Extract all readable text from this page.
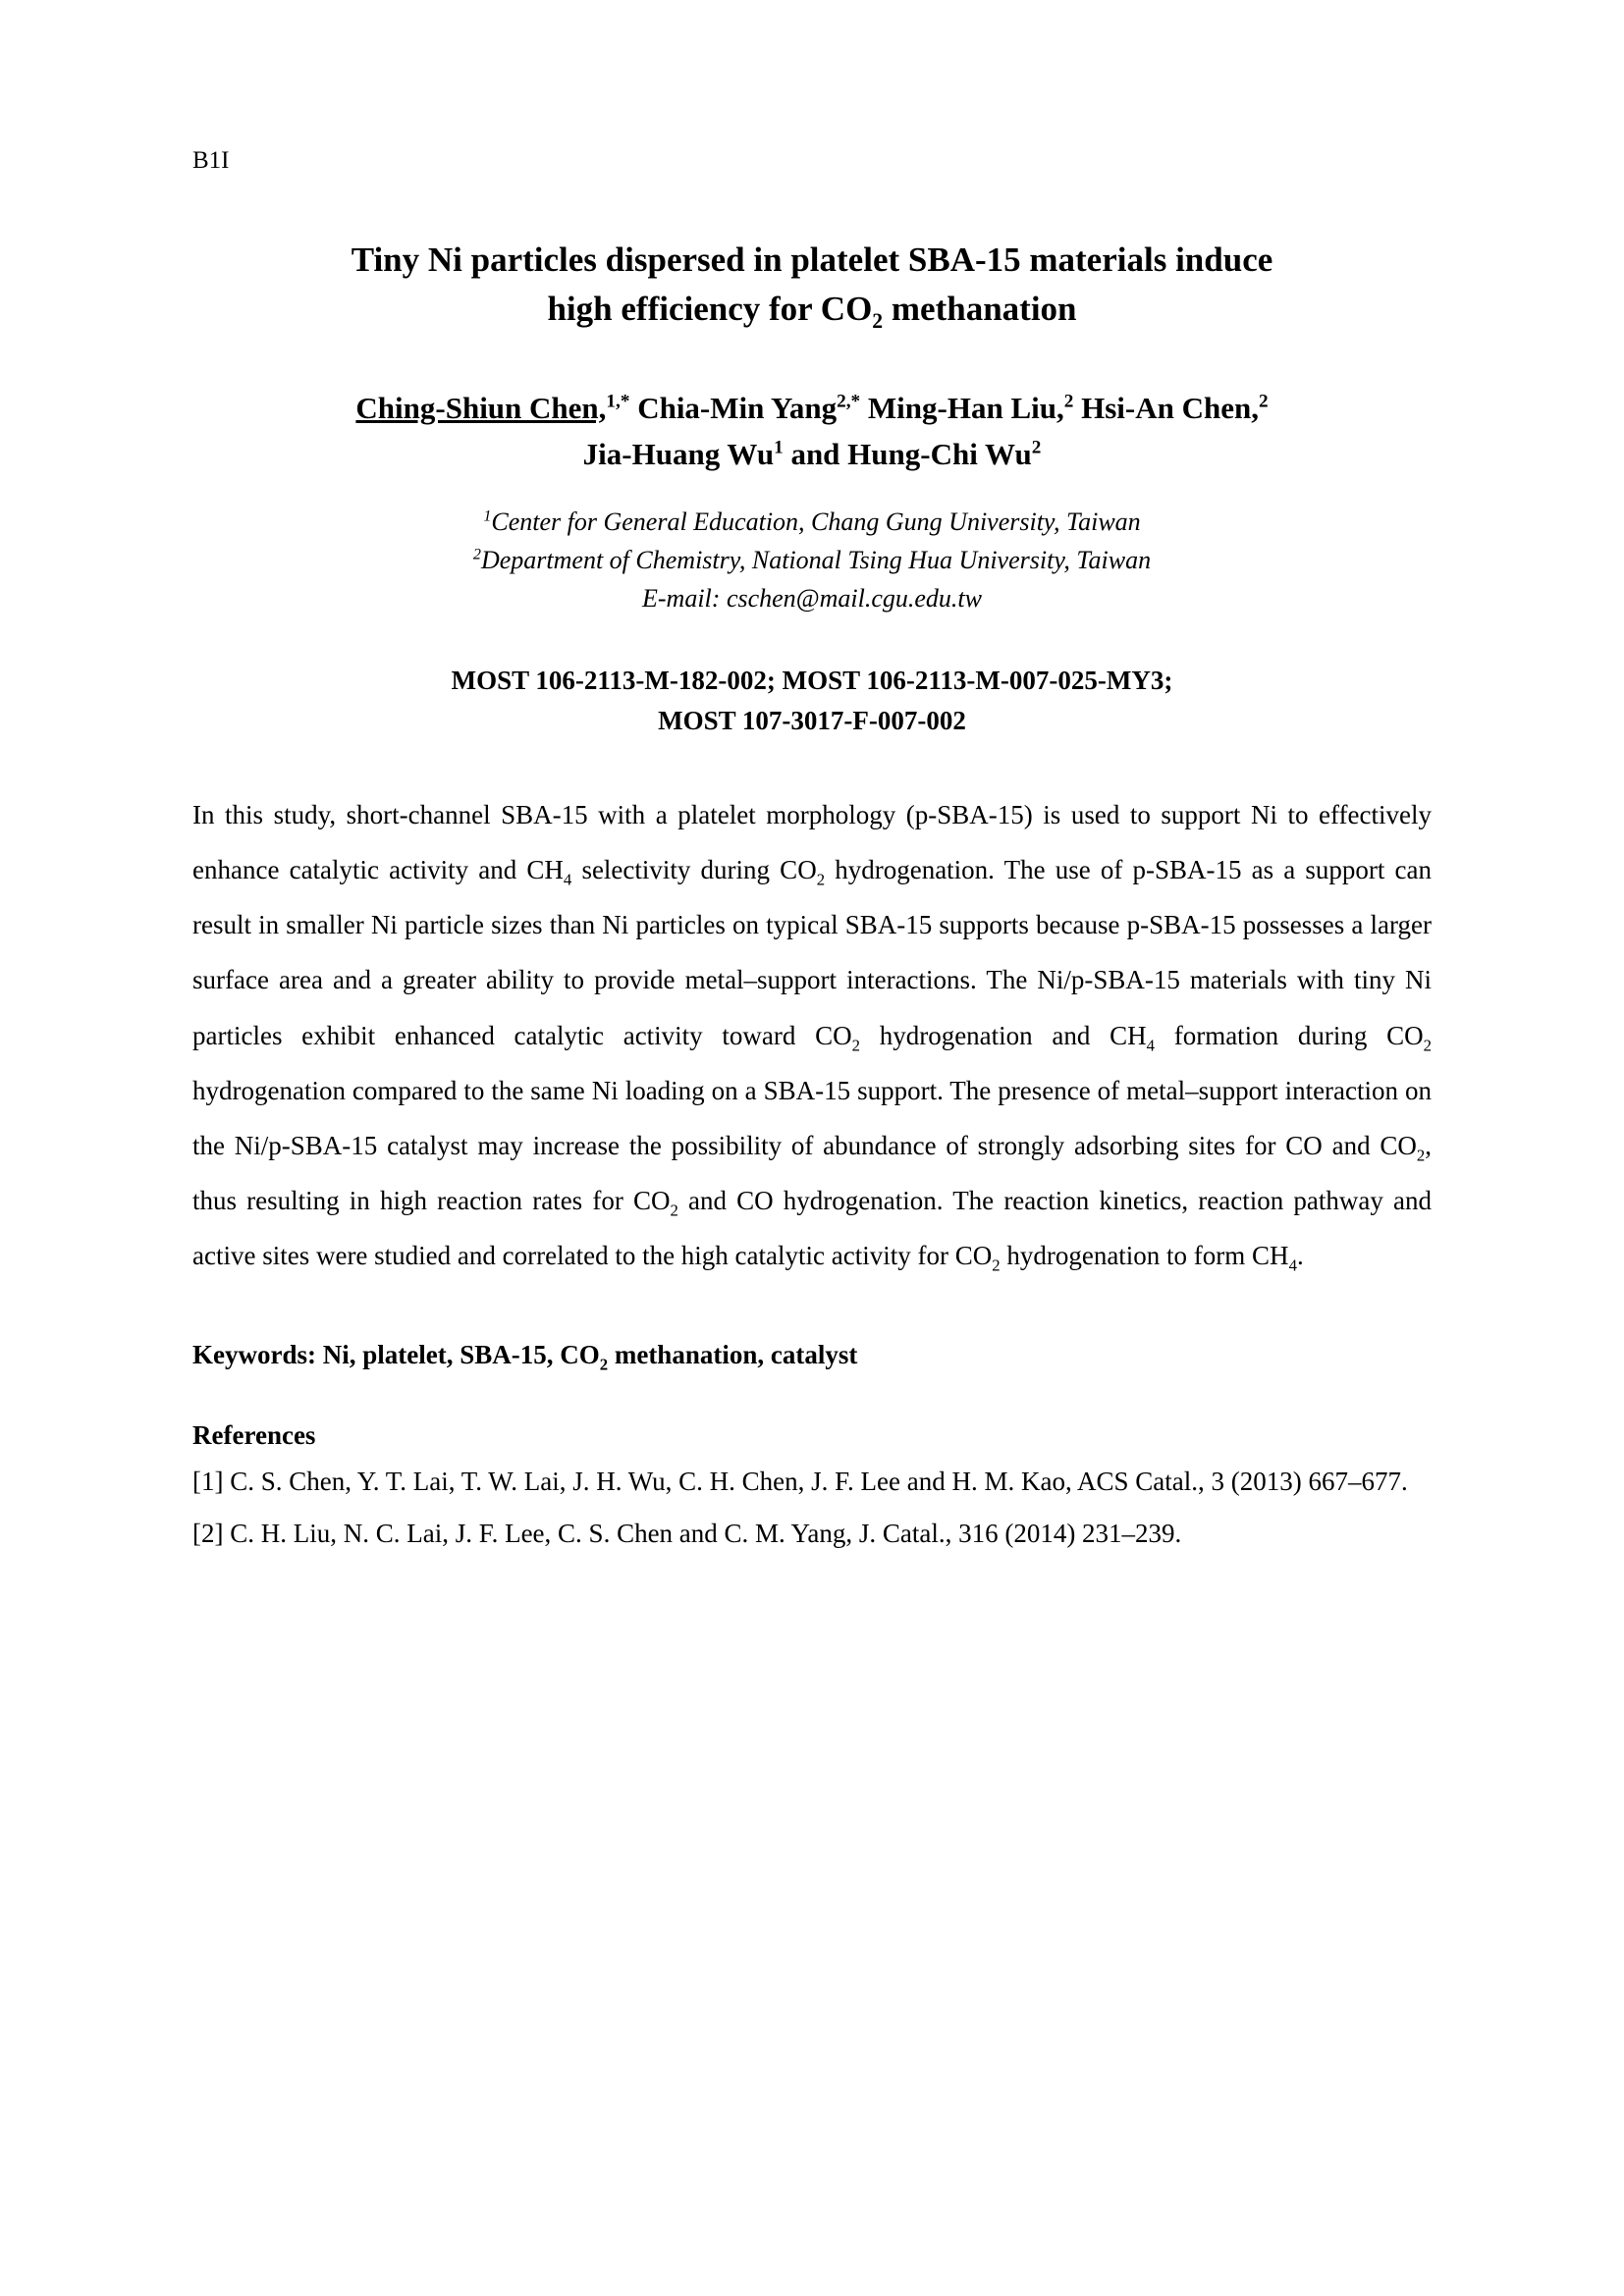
B1I
Tiny Ni particles dispersed in platelet SBA-15 materials induce
high efficiency for $CO_2$ methanation
Ching-Shiun Chen,$^{1,*}$ Chia-Min Yang$^{2,*}$ Ming-Han Liu,$^2$ Hsi-An Chen,$^2$
Jia-Huang Wu$^1$ and Hung-Chi Wu$^2$
$^1$Center for General Education, Chang Gung University, Taiwan
$^2$Department of Chemistry, National Tsing Hua University, Taiwan
E-mail: cschen@mail.cgu.edu.tw
MOST 106-2113-M-182-002; MOST 106-2113-M-007-025-MY3;
MOST 107-3017-F-007-002
In this study, short-channel SBA-15 with a platelet morphology (p-SBA-15) is used to support Ni to effectively enhance catalytic activity and $CH_4$ selectivity during $CO_2$ hydrogenation. The use of p-SBA-15 as a support can result in smaller Ni particle sizes than Ni particles on typical SBA-15 supports because p-SBA-15 possesses a larger surface area and a greater ability to provide metal–support interactions. The Ni/p-SBA-15 materials with tiny Ni particles exhibit enhanced catalytic activity toward $CO_2$ hydrogenation and $CH_4$ formation during $CO_2$ hydrogenation compared to the same Ni loading on a SBA-15 support. The presence of metal–support interaction on the Ni/p-SBA-15 catalyst may increase the possibility of abundance of strongly adsorbing sites for CO and $CO_2$, thus resulting in high reaction rates for $CO_2$ and CO hydrogenation. The reaction kinetics, reaction pathway and active sites were studied and correlated to the high catalytic activity for $CO_2$ hydrogenation to form $CH_4$.
Keywords: Ni, platelet, SBA-15, $CO_2$ methanation, catalyst
References
[1] C. S. Chen, Y. T. Lai, T. W. Lai, J. H. Wu, C. H. Chen, J. F. Lee and H. M. Kao, ACS Catal., 3 (2013) 667–677.
[2] C. H. Liu, N. C. Lai, J. F. Lee, C. S. Chen and C. M. Yang, J. Catal., 316 (2014) 231–239.
